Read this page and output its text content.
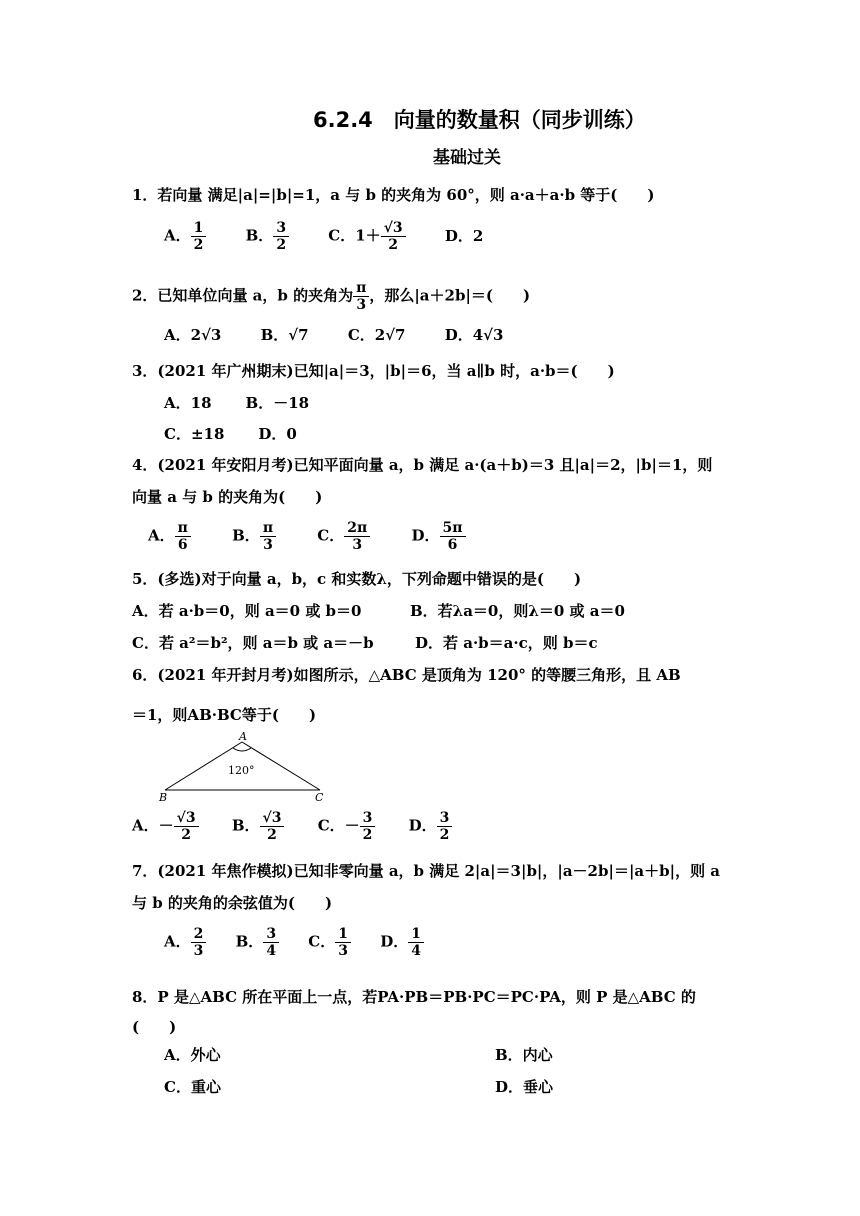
6.2.4　向量的数量积（同步训练）
基础过关
1．若向量 满足|a|=|b|=1，a 与 b 的夹角为 60°，则 a·a＋a·b 等于(　　)
A． $\frac{1}{2}$	B． $\frac{3}{2}$	C．$1+ \frac{√3}{2}$	D．2
2．已知单位向量 a，b 的夹角为 $\frac{\pi}{3}$ ，那么|a＋2b|＝(　　)
A．2√3	B．√7	C．2√7	D．4√3
3．(2021 年广州期末)已知|a|＝3，|b|＝6，当 a∥b 时，a·b＝(　　)
A．18 B．－18
C．±18 D．0
4．(2021 年安阳月考)已知平面向量 a，b 满足 a·(a＋b)＝3 且|a|＝2，|b|＝1，则
向量 a 与 b 的夹角为(　　)
A． $\frac{\pi}{6}$	B． $\frac{\pi}{3}$	C． $\frac{2\pi}{3}$	D． $\frac{5\pi}{6}$
5．(多选)对于向量 a，b，c 和实数λ，下列命题中错误的是(　　)
A．若 a·b＝0，则 a＝0 或 b＝0	B．若λa＝0，则λ＝0 或 a＝0
C．若 a²＝b²，则 a＝b 或 a＝－b	D．若 a·b＝a·c，则 b＝c
6．(2021 年开封月考)如图所示，△ABC 是顶角为 120° 的等腰三角形，且 AB
＝1，则AB·BC等于(　　)
A
B	C
120°
A．－ $\frac{√3}{2}$ B． $\frac{√3}{2}$ C．－ $\frac{3}{2}$ D． $\frac{3}{2}$
7．(2021 年焦作模拟)已知非零向量 a，b 满足 2|a|＝3|b|，|a－2b|＝|a＋b|，则 a
与 b 的夹角的余弦值为(　　)
A． $\frac{2}{3}$ B． $\frac{3}{4}$ C． $\frac{1}{3}$ D． $\frac{1}{4}$
8．P 是△ABC 所在平面上一点，若PA·PB＝PB·PC＝PC·PA，则 P 是△ABC 的
(　　)
A．外心	B．内心
C．重心	D．垂心
